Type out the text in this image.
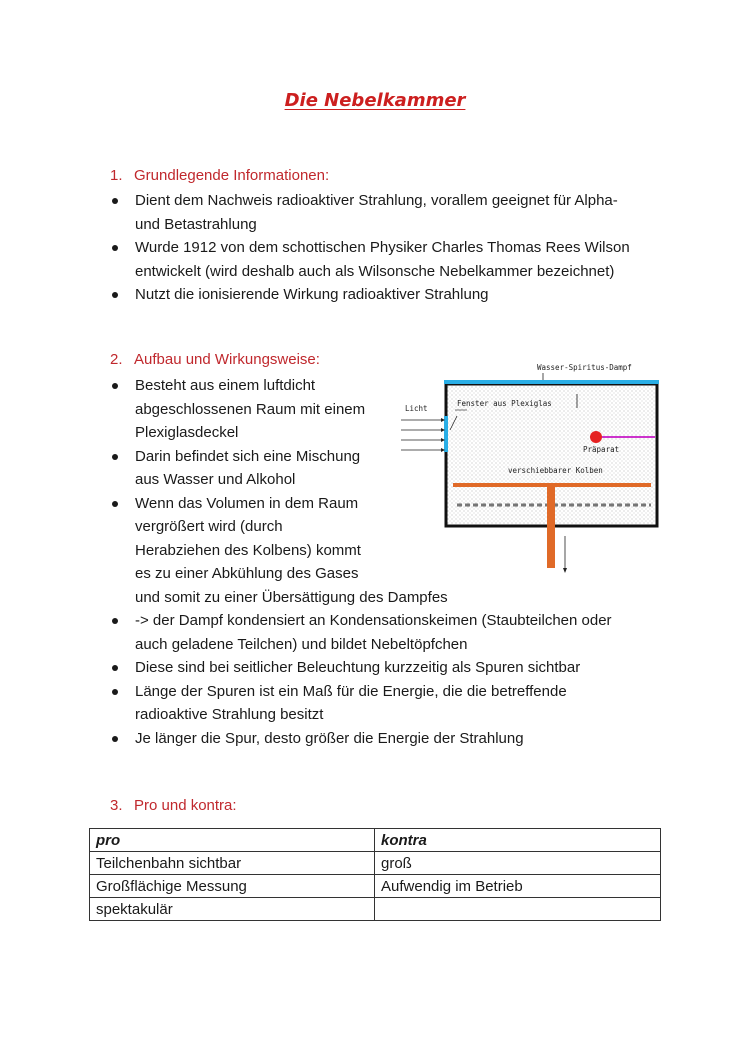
Die Nebelkammer
1. Grundlegende Informationen:
Dient dem Nachweis radioaktiver Strahlung, vorallem geeignet für Alpha-
und Betastrahlung
Wurde 1912 von dem schottischen Physiker Charles Thomas Rees Wilson
entwickelt (wird deshalb auch als Wilsonsche Nebelkammer bezeichnet)
Nutzt die ionisierende Wirkung radioaktiver Strahlung
2. Aufbau und Wirkungsweise:
Besteht aus einem luftdicht
abgeschlossenen Raum mit einem
Plexiglasdeckel
Darin befindet sich eine Mischung
aus Wasser und Alkohol
Wenn das Volumen in dem Raum
vergrößert wird (durch
Herabziehen des Kolbens) kommt
es zu einer Abkühlung des Gases
und somit zu einer Übersättigung des Dampfes
-> der Dampf kondensiert an Kondensationskeimen (Staubteilchen oder
auch geladene Teilchen) und bildet Nebeltöpfchen
Diese sind bei seitlicher Beleuchtung kurzzeitig als Spuren sichtbar
Länge der Spuren ist ein Maß für die Energie, die die betreffende
radioaktive Strahlung besitzt
Je länger die Spur, desto größer die Energie der Strahlung
Wasser-Spiritus-Dampf
Fenster aus Plexiglas
Licht
Präparat
verschiebbarer Kolben
3. Pro und kontra:
pro	kontra
Teilchenbahn sichtbar	groß
Großflächige Messung	Aufwendig im Betrieb
spektakulär	
